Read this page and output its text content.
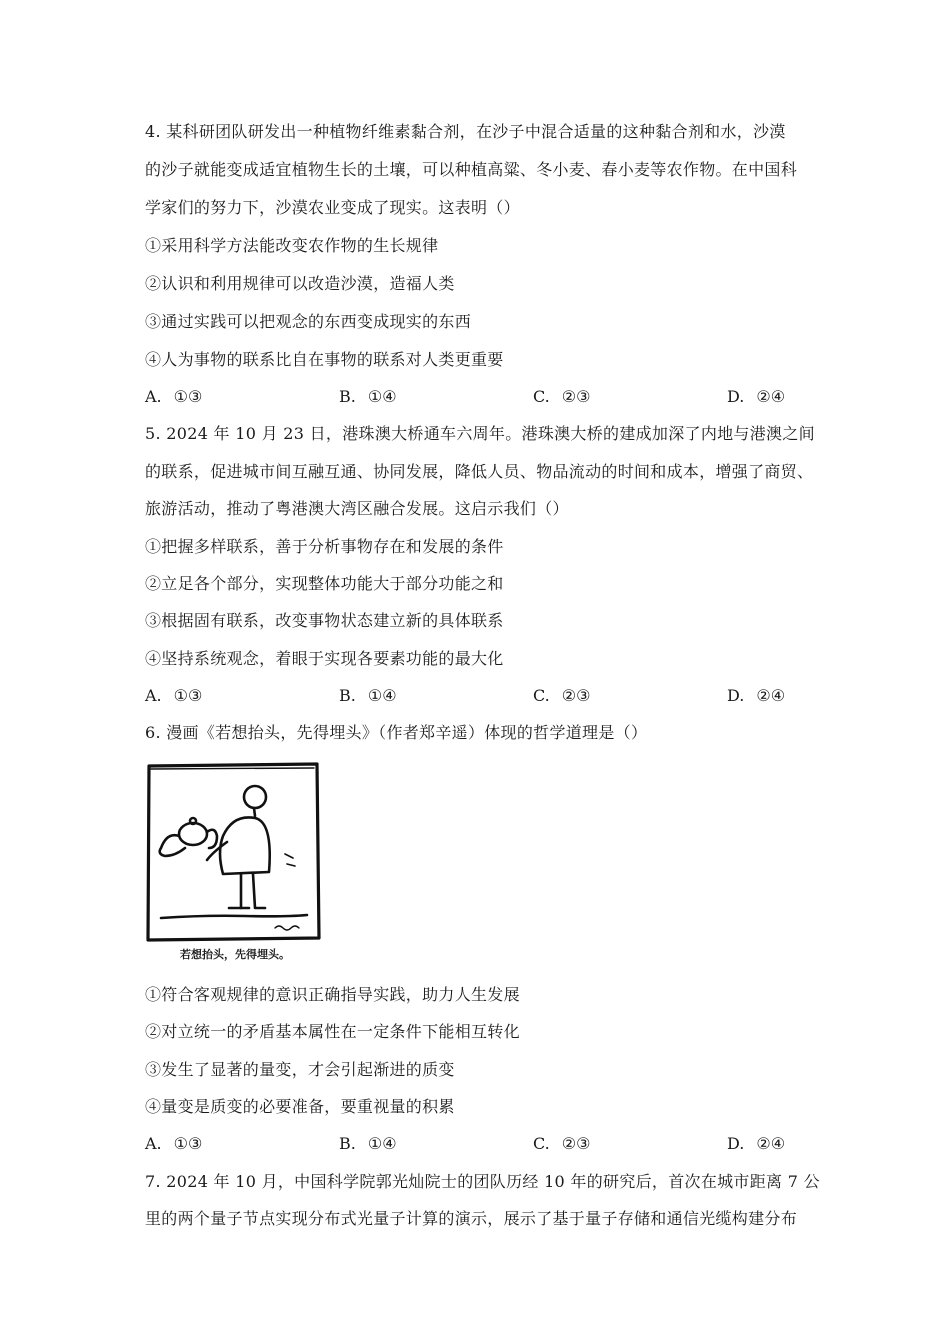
4. 某科研团队研发出一种植物纤维素黏合剂，在沙子中混合适量的这种黏合剂和水，沙漠
的沙子就能变成适宜植物生长的土壤，可以种植高粱、冬小麦、春小麦等农作物。在中国科
学家们的努力下，沙漠农业变成了现实。这表明（）
①采用科学方法能改变农作物的生长规律
②认识和利用规律可以改造沙漠，造福人类
③通过实践可以把观念的东西变成现实的东西
④人为事物的联系比自在事物的联系对人类更重要
A. ①③	B. ①④	C. ②③	D. ②④
5. 2024 年 10 月 23 日，港珠澳大桥通车六周年。港珠澳大桥的建成加深了内地与港澳之间
的联系，促进城市间互融互通、协同发展，降低人员、物品流动的时间和成本，增强了商贸、
旅游活动，推动了粤港澳大湾区融合发展。这启示我们（）
①把握多样联系，善于分析事物存在和发展的条件
②立足各个部分，实现整体功能大于部分功能之和
③根据固有联系，改变事物状态建立新的具体联系
④坚持系统观念，着眼于实现各要素功能的最大化
A. ①③	B. ①④	C. ②③	D. ②④
6. 漫画《若想抬头，先得埋头》（作者郑辛遥）体现的哲学道理是（）
若想抬头，先得埋头。
①符合客观规律的意识正确指导实践，助力人生发展
②对立统一的矛盾基本属性在一定条件下能相互转化
③发生了显著的量变，才会引起渐进的质变
④量变是质变的必要准备，要重视量的积累
A. ①③	B. ①④	C. ②③	D. ②④
7. 2024 年 10 月，中国科学院郭光灿院士的团队历经 10 年的研究后，首次在城市距离 7 公
里的两个量子节点实现分布式光量子计算的演示，展示了基于量子存储和通信光缆构建分布
